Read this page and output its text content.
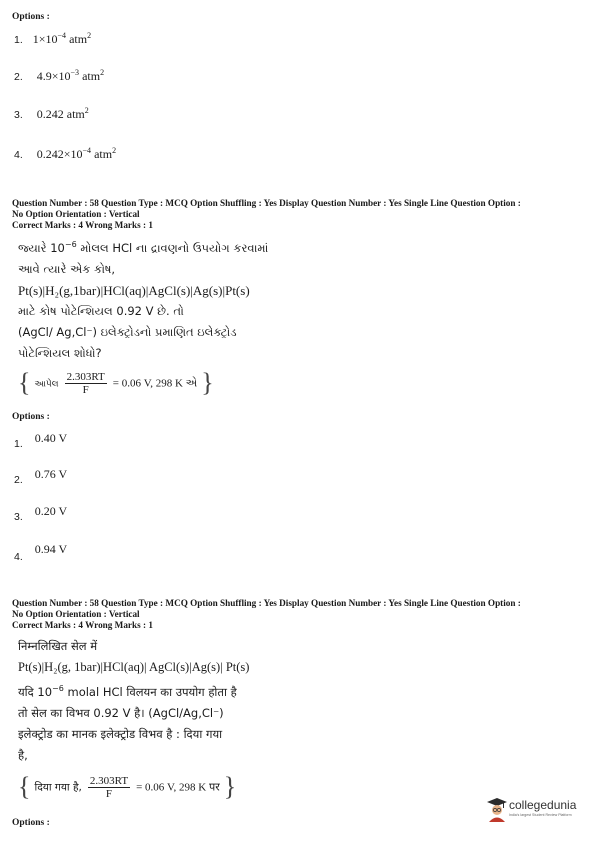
Options :
1. $1\times 10^{-4}$ atm$^2$
2. $4.9\times 10^{-3}$ atm$^2$
3. 0.242 atm$^2$
4. $0.242\times 10^{-4}$ atm$^2$
Question Number : 58 Question Type : MCQ Option Shuffling : Yes Display Question Number : Yes Single Line Question Option :
No Option Orientation : Vertical
Correct Marks : 4 Wrong Marks : 1
જ્યારે $10^{-6}$ મોલલ HCl ના દ્રાવણનો ઉપયોગ કરવામાં
આવે ત્યારે એક કોષ,
Pt(s)|H₂(g,1bar)|HCl(aq)|AgCl(s)|Ag(s)|Pt(s)
માટે કોષ પોટેન્શિયલ 0.92 V છે. તો
(AgCl/ Ag,Cl⁻) ઇલેક્ટ્રોડનો પ્રમાણિત ઇલેક્ટ્રોડ
પોટેન્શિયલ શોધો?
{ આપેલ $\frac{2.303RT}{F} = 0.06$ V, 298 K એ }
Options :
$_{1.}$ 0.40 V
$_{2.}$ 0.76 V
$_{3.}$ 0.20 V
$_{4.}$ 0.94 V
Question Number : 58 Question Type : MCQ Option Shuffling : Yes Display Question Number : Yes Single Line Question Option :
No Option Orientation : Vertical
Correct Marks : 4 Wrong Marks : 1
निम्नलिखित सेल में
Pt(s)|H₂(g, 1bar)|HCl(aq)| AgCl(s)|Ag(s)| Pt(s)
यदि $10^{-6}$ molal HCl विलयन का उपयोग होता है
तो सेल का विभव 0.92 V है। (AgCl/Ag,Cl⁻)
इलेक्ट्रोड का मानक इलेक्ट्रोड विभव है : दिया गया
है,
{ दिया गया है, $\frac{2.303RT}{F} = 0.06$ V, 298 K पर }
Options :
collegedunia
India's largest Student Review Platform
